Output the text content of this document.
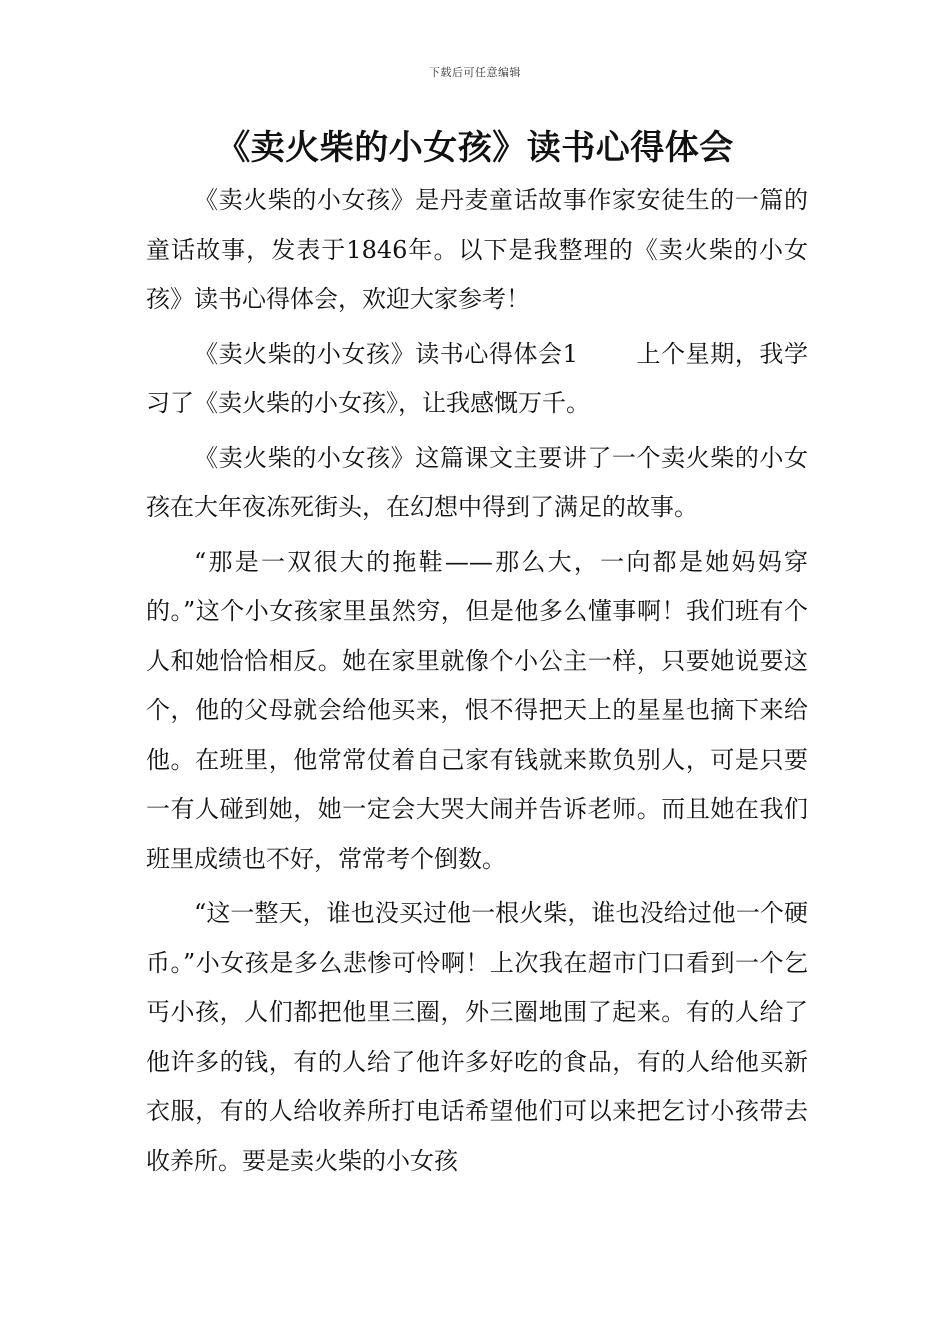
下载后可任意编辑
《卖火柴的小女孩》读书心得体会

《卖火柴的小女孩》是丹麦童话故事作家安徒生的一篇的童话故事，发表于1846年。以下是我整理的《卖火柴的小女孩》读书心得体会，欢迎大家参考！

《卖火柴的小女孩》读书心得体会1 上个星期，我学习了《卖火柴的小女孩》，让我感慨万千。

《卖火柴的小女孩》这篇课文主要讲了一个卖火柴的小女孩在大年夜冻死街头，在幻想中得到了满足的故事。

“那是一双很大的拖鞋——那么大，一向都是她妈妈穿的。”这个小女孩家里虽然穷，但是他多么懂事啊！我们班有个人和她恰恰相反。她在家里就像个小公主一样，只要她说要这个，他的父母就会给他买来，恨不得把天上的星星也摘下来给他。在班里，他常常仗着自己家有钱就来欺负别人，可是只要一有人碰到她，她一定会大哭大闹并告诉老师。而且她在我们班里成绩也不好，常常考个倒数。

“这一整天，谁也没买过他一根火柴，谁也没给过他一个硬币。”小女孩是多么悲惨可怜啊！上次我在超市门口看到一个乞丐小孩，人们都把他里三圈，外三圈地围了起来。有的人给了他许多的钱，有的人给了他许多好吃的食品，有的人给他买新衣服，有的人给收养所打电话希望他们可以来把乞讨小孩带去收养所。要是卖火柴的小女孩
